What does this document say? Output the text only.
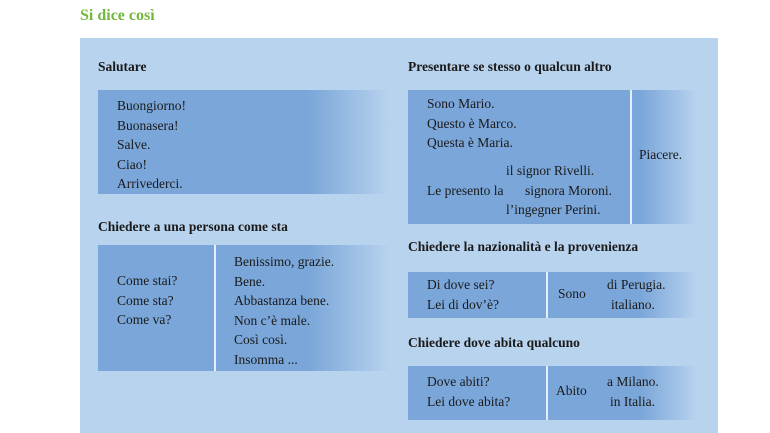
Si dice così
Salutare
Buongiorno!
Buonasera!
Salve.
Ciao!
Arrivederci.
Chiedere a una persona come sta
Come stai?
Come sta?
Come va?
Benissimo, grazie.
Bene.
Abbastanza bene.
Non c’è male.
Così così.
Insomma ...
Presentare se stesso o qualcun altro
Sono Mario.
Questo è Marco.
Questa è Maria.
il signor Rivelli.
Le presento la signora Moroni.
l’ingegner Perini.
Piacere.
Chiedere la nazionalità e la provenienza
Di dove sei?
Lei di dov’è?
Sono
di Perugia.
italiano.
Chiedere dove abita qualcuno
Dove abiti?
Lei dove abita?
Abito
a Milano.
in Italia.
